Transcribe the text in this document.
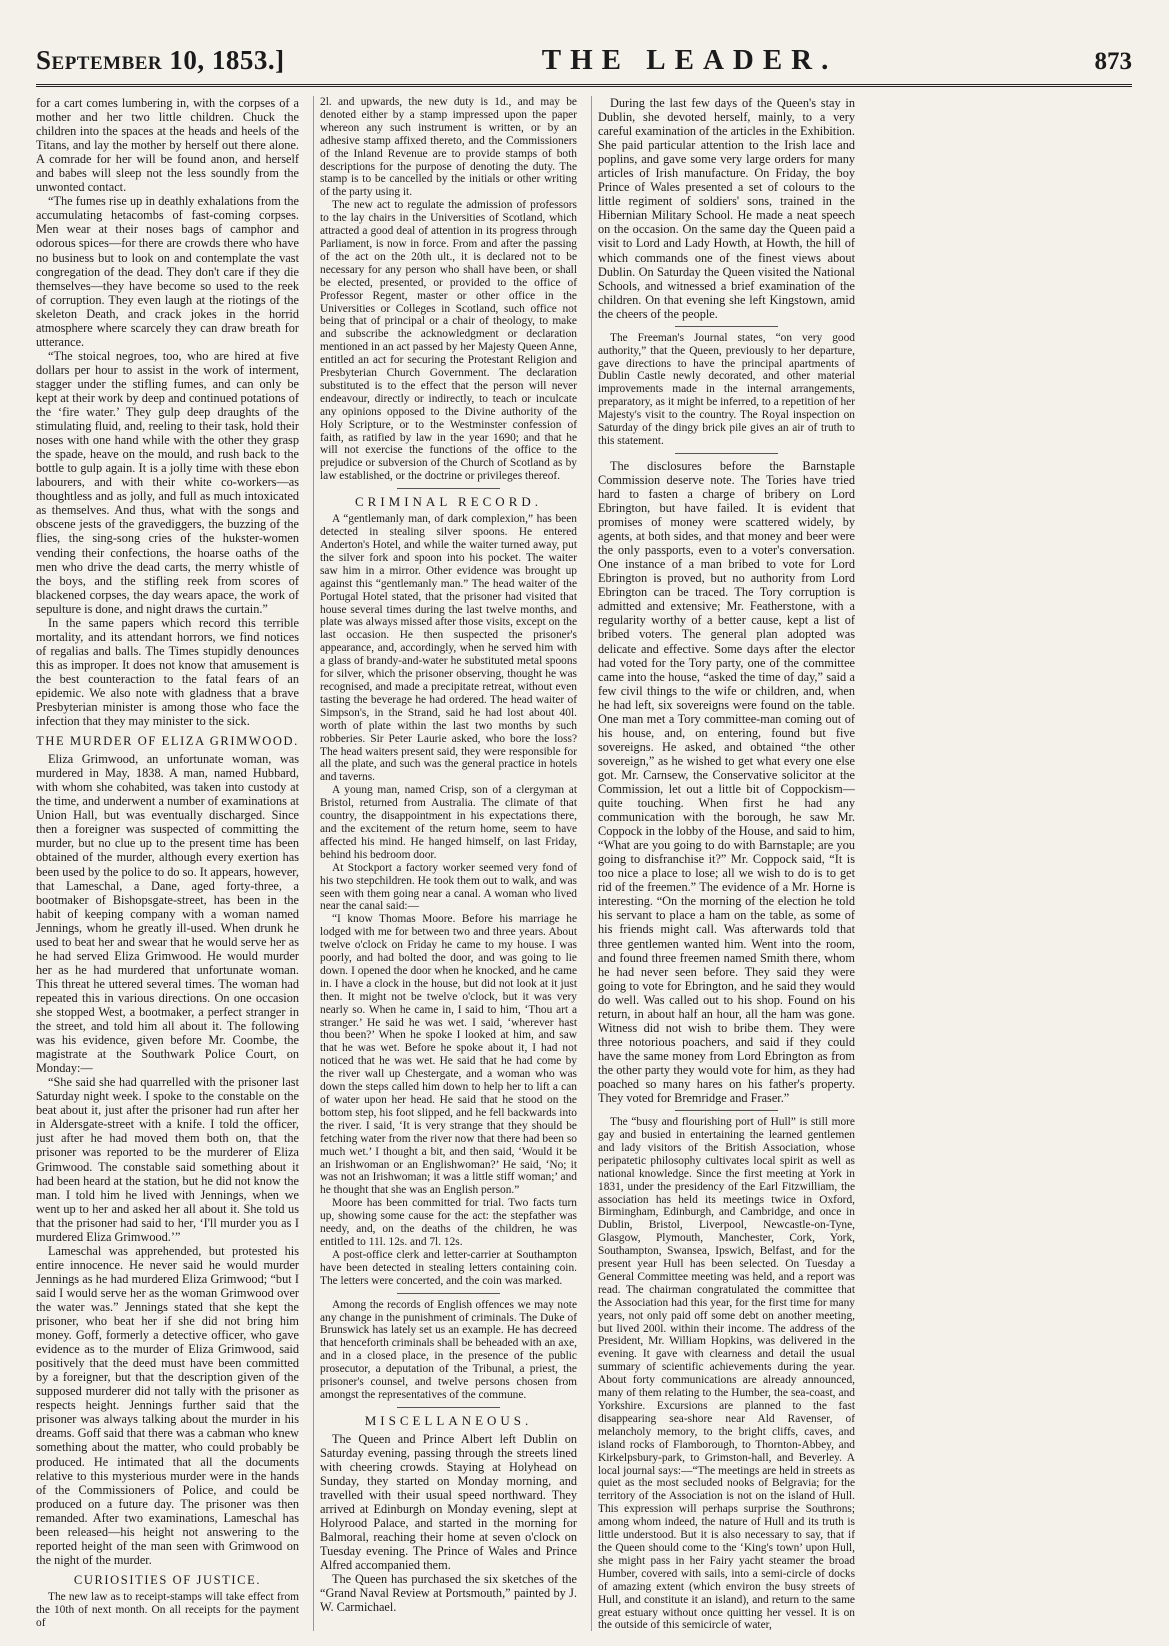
September 10, 1853.]	THE LEADER.	873

for a cart comes lumbering in, with the corpses of a mother and her two little children. Chuck the children into the spaces at the heads and heels of the Titans, and lay the mother by herself out there alone. A comrade for her will be found anon, and herself and babes will sleep not the less soundly from the unwonted contact.

“The fumes rise up in deathly exhalations from the accumulating hetacombs of fast-coming corpses. Men wear at their noses bags of camphor and odorous spices—for there are crowds there who have no business but to look on and contemplate the vast congregation of the dead. They don't care if they die themselves—they have become so used to the reek of corruption. They even laugh at the riotings of the skeleton Death, and crack jokes in the horrid atmosphere where scarcely they can draw breath for utterance.

“The stoical negroes, too, who are hired at five dollars per hour to assist in the work of interment, stagger under the stifling fumes, and can only be kept at their work by deep and continued potations of the ‘fire water.’ They gulp deep draughts of the stimulating fluid, and, reeling to their task, hold their noses with one hand while with the other they grasp the spade, heave on the mould, and rush back to the bottle to gulp again. It is a jolly time with these ebon labourers, and with their white co-workers—as thoughtless and as jolly, and full as much intoxicated as themselves. And thus, what with the songs and obscene jests of the gravediggers, the buzzing of the flies, the sing-song cries of the hukster-women vending their confections, the hoarse oaths of the men who drive the dead carts, the merry whistle of the boys, and the stifling reek from scores of blackened corpses, the day wears apace, the work of sepulture is done, and night draws the curtain.”

In the same papers which record this terrible mortality, and its attendant horrors, we find notices of regalias and balls. The Times stupidly denounces this as improper. It does not know that amusement is the best counteraction to the fatal fears of an epidemic. We also note with gladness that a brave Presbyterian minister is among those who face the infection that they may minister to the sick.

THE MURDER OF ELIZA GRIMWOOD.

Eliza Grimwood, an unfortunate woman, was murdered in May, 1838. A man, named Hubbard, with whom she cohabited, was taken into custody at the time, and underwent a number of examinations at Union Hall, but was eventually discharged. Since then a foreigner was suspected of committing the murder, but no clue up to the present time has been obtained of the murder, although every exertion has been used by the police to do so. It appears, however, that Lameschal, a Dane, aged forty-three, a bootmaker of Bishopsgate-street, has been in the habit of keeping company with a woman named Jennings, whom he greatly ill-used. When drunk he used to beat her and swear that he would serve her as he had served Eliza Grimwood. He would murder her as he had murdered that unfortunate woman. This threat he uttered several times. The woman had repeated this in various directions. On one occasion she stopped West, a bootmaker, a perfect stranger in the street, and told him all about it. The following was his evidence, given before Mr. Coombe, the magistrate at the Southwark Police Court, on Monday:—

“She said she had quarrelled with the prisoner last Saturday night week. I spoke to the constable on the beat about it, just after the prisoner had run after her in Aldersgate-street with a knife. I told the officer, just after he had moved them both on, that the prisoner was reported to be the murderer of Eliza Grimwood. The constable said something about it had been heard at the station, but he did not know the man. I told him he lived with Jennings, when we went up to her and asked her all about it. She told us that the prisoner had said to her, ‘I'll murder you as I murdered Eliza Grimwood.’”

Lameschal was apprehended, but protested his entire innocence. He never said he would murder Jennings as he had murdered Eliza Grimwood; “but I said I would serve her as the woman Grimwood over the water was.” Jennings stated that she kept the prisoner, who beat her if she did not bring him money. Goff, formerly a detective officer, who gave evidence as to the murder of Eliza Grimwood, said positively that the deed must have been committed by a foreigner, but that the description given of the supposed murderer did not tally with the prisoner as respects height. Jennings further said that the prisoner was always talking about the murder in his dreams. Goff said that there was a cabman who knew something about the matter, who could probably be produced. He intimated that all the documents relative to this mysterious murder were in the hands of the Commissioners of Police, and could be produced on a future day. The prisoner was then remanded. After two examinations, Lameschal has been released—his height not answering to the reported height of the man seen with Grimwood on the night of the murder.

CURIOSITIES OF JUSTICE.

The new law as to receipt-stamps will take effect from the 10th of next month. On all receipts for the payment of

2l. and upwards, the new duty is 1d., and may be denoted either by a stamp impressed upon the paper whereon any such instrument is written, or by an adhesive stamp affixed thereto, and the Commissioners of the Inland Revenue are to provide stamps of both descriptions for the purpose of denoting the duty. The stamp is to be cancelled by the initials or other writing of the party using it.

The new act to regulate the admission of professors to the lay chairs in the Universities of Scotland, which attracted a good deal of attention in its progress through Parliament, is now in force. From and after the passing of the act on the 20th ult., it is declared not to be necessary for any person who shall have been, or shall be elected, presented, or provided to the office of Professor Regent, master or other office in the Universities or Colleges in Scotland, such office not being that of principal or a chair of theology, to make and subscribe the acknowledgment or declaration mentioned in an act passed by her Majesty Queen Anne, entitled an act for securing the Protestant Religion and Presbyterian Church Government. The declaration substituted is to the effect that the person will never endeavour, directly or indirectly, to teach or inculcate any opinions opposed to the Divine authority of the Holy Scripture, or to the Westminster confession of faith, as ratified by law in the year 1690; and that he will not exercise the functions of the office to the prejudice or subversion of the Church of Scotland as by law established, or the doctrine or privileges thereof.

CRIMINAL RECORD.

A “gentlemanly man, of dark complexion,” has been detected in stealing silver spoons. He entered Anderton's Hotel, and while the waiter turned away, put the silver fork and spoon into his pocket. The waiter saw him in a mirror. Other evidence was brought up against this “gentlemanly man.” The head waiter of the Portugal Hotel stated, that the prisoner had visited that house several times during the last twelve months, and plate was always missed after those visits, except on the last occasion. He then suspected the prisoner's appearance, and, accordingly, when he served him with a glass of brandy-and-water he substituted metal spoons for silver, which the prisoner observing, thought he was recognised, and made a precipitate retreat, without even tasting the beverage he had ordered. The head waiter of Simpson's, in the Strand, said he had lost about 40l. worth of plate within the last two months by such robberies. Sir Peter Laurie asked, who bore the loss? The head waiters present said, they were responsible for all the plate, and such was the general practice in hotels and taverns.

A young man, named Crisp, son of a clergyman at Bristol, returned from Australia. The climate of that country, the disappointment in his expectations there, and the excitement of the return home, seem to have affected his mind. He hanged himself, on last Friday, behind his bedroom door.

At Stockport a factory worker seemed very fond of his two stepchildren. He took them out to walk, and was seen with them going near a canal. A woman who lived near the canal said:—

“I know Thomas Moore. Before his marriage he lodged with me for between two and three years. About twelve o'clock on Friday he came to my house. I was poorly, and had bolted the door, and was going to lie down. I opened the door when he knocked, and he came in. I have a clock in the house, but did not look at it just then. It might not be twelve o'clock, but it was very nearly so. When he came in, I said to him, ‘Thou art a stranger.’ He said he was wet. I said, ‘wherever hast thou been?’ When he spoke I looked at him, and saw that he was wet. Before he spoke about it, I had not noticed that he was wet. He said that he had come by the river wall up Chestergate, and a woman who was down the steps called him down to help her to lift a can of water upon her head. He said that he stood on the bottom step, his foot slipped, and he fell backwards into the river. I said, ‘It is very strange that they should be fetching water from the river now that there had been so much wet.’ I thought a bit, and then said, ‘Would it be an Irishwoman or an Englishwoman?’ He said, ‘No; it was not an Irishwoman; it was a little stiff woman;’ and he thought that she was an English person.”

Moore has been committed for trial. Two facts turn up, showing some cause for the act: the stepfather was needy, and, on the deaths of the children, he was entitled to 11l. 12s. and 7l. 12s.

A post-office clerk and letter-carrier at Southampton have been detected in stealing letters containing coin. The letters were concerted, and the coin was marked.

Among the records of English offences we may note any change in the punishment of criminals. The Duke of Brunswick has lately set us an example. He has decreed that henceforth criminals shall be beheaded with an axe, and in a closed place, in the presence of the public prosecutor, a deputation of the Tribunal, a priest, the prisoner's counsel, and twelve persons chosen from amongst the representatives of the commune.

MISCELLANEOUS.

The Queen and Prince Albert left Dublin on Saturday evening, passing through the streets lined with cheering crowds. Staying at Holyhead on Sunday, they started on Monday morning, and travelled with their usual speed northward. They arrived at Edinburgh on Monday evening, slept at Holyrood Palace, and started in the morning for Balmoral, reaching their home at seven o'clock on Tuesday evening. The Prince of Wales and Prince Alfred accompanied them.

The Queen has purchased the six sketches of the “Grand Naval Review at Portsmouth,” painted by J. W. Carmichael.

During the last few days of the Queen's stay in Dublin, she devoted herself, mainly, to a very careful examination of the articles in the Exhibition. She paid particular attention to the Irish lace and poplins, and gave some very large orders for many articles of Irish manufacture. On Friday, the boy Prince of Wales presented a set of colours to the little regiment of soldiers' sons, trained in the Hibernian Military School. He made a neat speech on the occasion. On the same day the Queen paid a visit to Lord and Lady Howth, at Howth, the hill of which commands one of the finest views about Dublin. On Saturday the Queen visited the National Schools, and witnessed a brief examination of the children. On that evening she left Kingstown, amid the cheers of the people.

The Freeman's Journal states, “on very good authority,” that the Queen, previously to her departure, gave directions to have the principal apartments of Dublin Castle newly decorated, and other material improvements made in the internal arrangements, preparatory, as it might be inferred, to a repetition of her Majesty's visit to the country. The Royal inspection on Saturday of the dingy brick pile gives an air of truth to this statement.

The disclosures before the Barnstaple Commission deserve note. The Tories have tried hard to fasten a charge of bribery on Lord Ebrington, but have failed. It is evident that promises of money were scattered widely, by agents, at both sides, and that money and beer were the only passports, even to a voter's conversation. One instance of a man bribed to vote for Lord Ebrington is proved, but no authority from Lord Ebrington can be traced. The Tory corruption is admitted and extensive; Mr. Featherstone, with a regularity worthy of a better cause, kept a list of bribed voters. The general plan adopted was delicate and effective. Some days after the elector had voted for the Tory party, one of the committee came into the house, “asked the time of day,” said a few civil things to the wife or children, and, when he had left, six sovereigns were found on the table. One man met a Tory committee-man coming out of his house, and, on entering, found but five sovereigns. He asked, and obtained “the other sovereign,” as he wished to get what every one else got. Mr. Carnsew, the Conservative solicitor at the Commission, let out a little bit of Coppockism—quite touching. When first he had any communication with the borough, he saw Mr. Coppock in the lobby of the House, and said to him, “What are you going to do with Barnstaple; are you going to disfranchise it?” Mr. Coppock said, “It is too nice a place to lose; all we wish to do is to get rid of the freemen.” The evidence of a Mr. Horne is interesting. “On the morning of the election he told his servant to place a ham on the table, as some of his friends might call. Was afterwards told that three gentlemen wanted him. Went into the room, and found three freemen named Smith there, whom he had never seen before. They said they were going to vote for Ebrington, and he said they would do well. Was called out to his shop. Found on his return, in about half an hour, all the ham was gone. Witness did not wish to bribe them. They were three notorious poachers, and said if they could have the same money from Lord Ebrington as from the other party they would vote for him, as they had poached so many hares on his father's property. They voted for Bremridge and Fraser.”

The “busy and flourishing port of Hull” is still more gay and busied in entertaining the learned gentlemen and lady visitors of the British Association, whose peripatetic philosophy cultivates local spirit as well as national knowledge. Since the first meeting at York in 1831, under the presidency of the Earl Fitzwilliam, the association has held its meetings twice in Oxford, Birmingham, Edinburgh, and Cambridge, and once in Dublin, Bristol, Liverpool, Newcastle-on-Tyne, Glasgow, Plymouth, Manchester, Cork, York, Southampton, Swansea, Ipswich, Belfast, and for the present year Hull has been selected. On Tuesday a General Committee meeting was held, and a report was read. The chairman congratulated the committee that the Association had this year, for the first time for many years, not only paid off some debt on another meeting, but lived 200l. within their income. The address of the President, Mr. William Hopkins, was delivered in the evening. It gave with clearness and detail the usual summary of scientific achievements during the year. About forty communications are already announced, many of them relating to the Humber, the sea-coast, and Yorkshire. Excursions are planned to the fast disappearing sea-shore near Ald Ravenser, of melancholy memory, to the bright cliffs, caves, and island rocks of Flamborough, to Thornton-Abbey, and Kirkelpsbury-park, to Grimston-hall, and Beverley. A local journal says:—“The meetings are held in streets as quiet as the most secluded nooks of Belgravia; for the territory of the Association is not on the island of Hull. This expression will perhaps surprise the Southrons; among whom indeed, the nature of Hull and its truth is little understood. But it is also necessary to say, that if the Queen should come to the ‘King's town’ upon Hull, she might pass in her Fairy yacht steamer the broad Humber, covered with sails, into a semi-circle of docks of amazing extent (which environ the busy streets of Hull, and constitute it an island), and return to the same great estuary without once quitting her vessel. It is on the outside of this semicircle of water,
